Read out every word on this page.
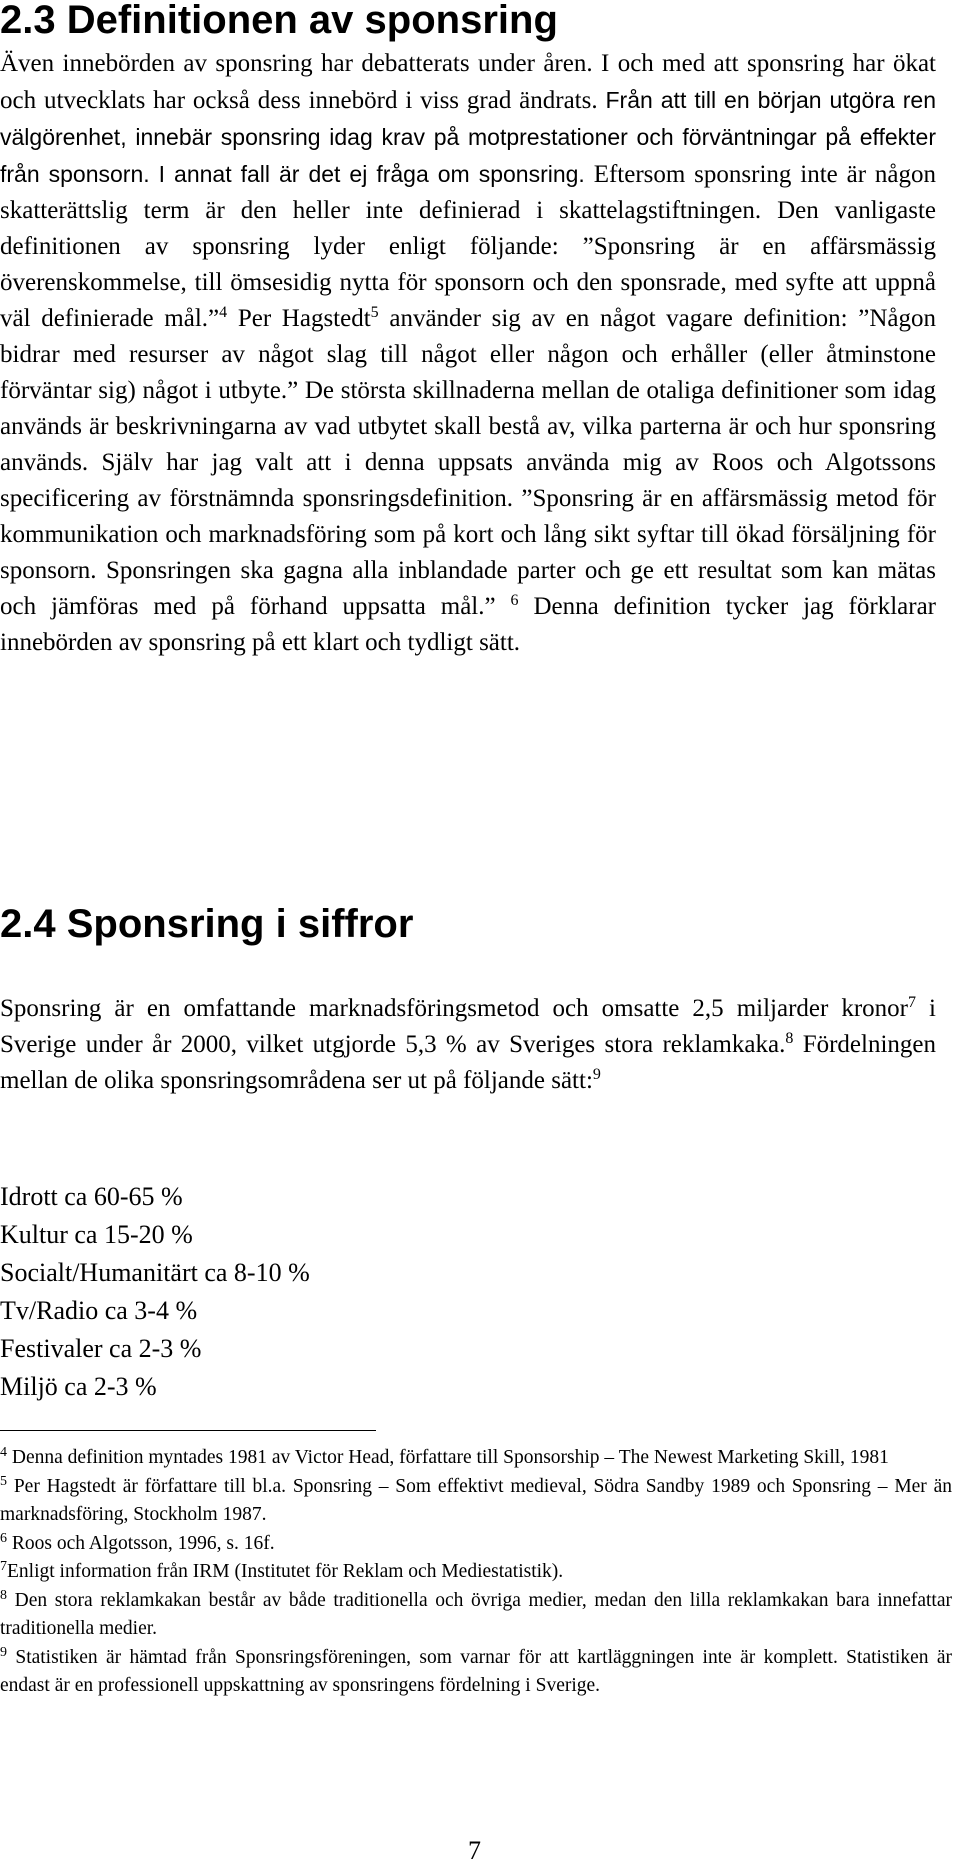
2.3 Definitionen av sponsring

Även innebörden av sponsring har debatterats under åren. I och med att sponsring har ökat och utvecklats har också dess innebörd i viss grad ändrats. Från att till en början utgöra ren välgörenhet, innebär sponsring idag krav på motprestationer och förväntningar på effekter från sponsorn. I annat fall är det ej fråga om sponsring. Eftersom sponsring inte är någon skatterättslig term är den heller inte definierad i skattelagstiftningen. Den vanligaste definitionen av sponsring lyder enligt följande: ”Sponsring är en affärsmässig överenskommelse, till ömsesidig nytta för sponsorn och den sponsrade, med syfte att uppnå väl definierade mål.”$^4$ Per Hagstedt$^5$ använder sig av en något vagare definition: ”Någon bidrar med resurser av något slag till något eller någon och erhåller (eller åtminstone förväntar sig) något i utbyte.” De största skillnaderna mellan de otaliga definitioner som idag används är beskrivningarna av vad utbytet skall bestå av, vilka parterna är och hur sponsring används. Själv har jag valt att i denna uppsats använda mig av Roos och Algotssons specificering av förstnämnda sponsringsdefinition. ”Sponsring är en affärsmässig metod för kommunikation och marknadsföring som på kort och lång sikt syftar till ökad försäljning för sponsorn. Sponsringen ska gagna alla inblandade parter och ge ett resultat som kan mätas och jämföras med på förhand uppsatta mål.” $^6$ Denna definition tycker jag förklarar innebörden av sponsring på ett klart och tydligt sätt.

2.4 Sponsring i siffror

Sponsring är en omfattande marknadsföringsmetod och omsatte 2,5 miljarder kronor$^7$ i Sverige under år 2000, vilket utgjorde 5,3 % av Sveriges stora reklamkaka.$^8$ Fördelningen mellan de olika sponsringsområdena ser ut på följande sätt:$^9$

Idrott ca 60-65 %
Kultur ca 15-20 %
Socialt/Humanitärt ca 8-10 %
Tv/Radio ca 3-4 %
Festivaler ca 2-3 %
Miljö ca 2-3 %
$^4$ Denna definition myntades 1981 av Victor Head, författare till Sponsorship – The Newest Marketing Skill, 1981
$^5$ Per Hagstedt är författare till bl.a. Sponsring – Som effektivt medieval, Södra Sandby 1989 och Sponsring – Mer än marknadsföring, Stockholm 1987.
$^6$ Roos och Algotsson, 1996, s. 16f.
$^7$Enligt information från IRM (Institutet för Reklam och Mediestatistik).
$^8$ Den stora reklamkakan består av både traditionella och övriga medier, medan den lilla reklamkakan bara innefattar traditionella medier.
$^9$ Statistiken är hämtad från Sponsringsföreningen, som varnar för att kartläggningen inte är komplett. Statistiken är endast är en professionell uppskattning av sponsringens fördelning i Sverige.

7
